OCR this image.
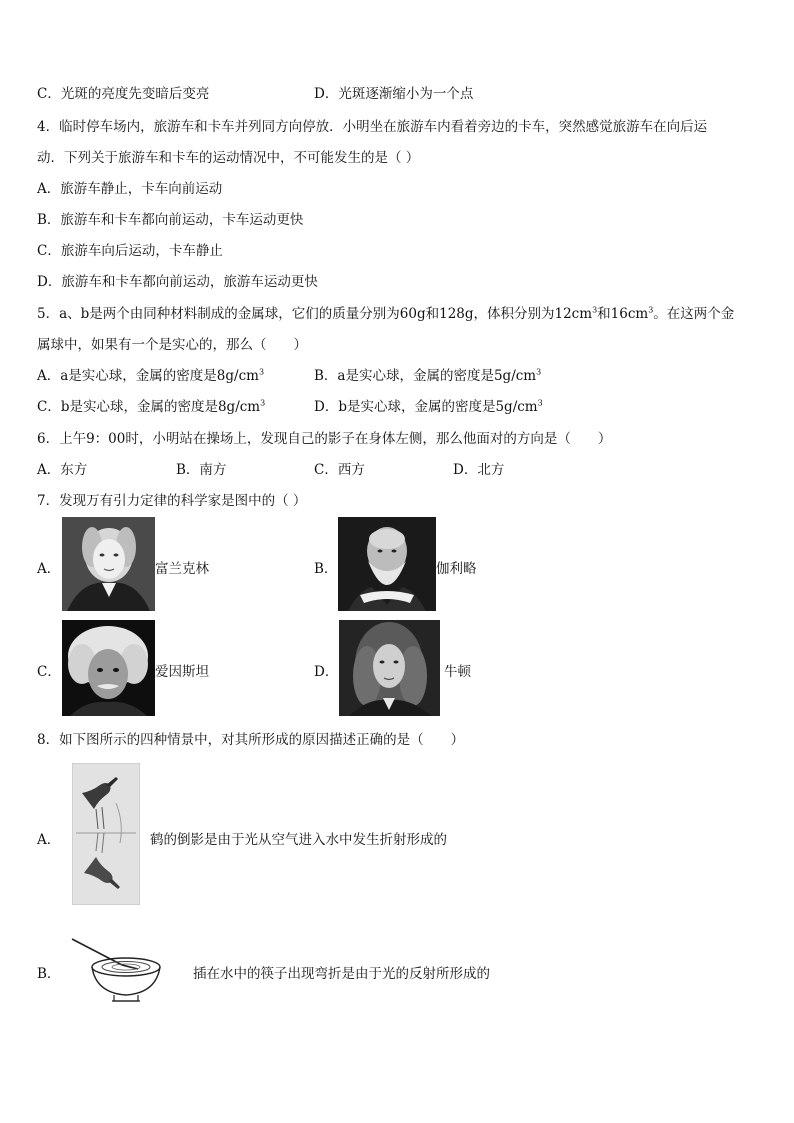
C．光斑的亮度先变暗后变亮	D．光斑逐渐缩小为一个点
4．临时停车场内，旅游车和卡车并列同方向停放．小明坐在旅游车内看着旁边的卡车，突然感觉旅游车在向后运
动．下列关于旅游车和卡车的运动情况中，不可能发生的是（ ）
A．旅游车静止，卡车向前运动
B．旅游车和卡车都向前运动，卡车运动更快
C．旅游车向后运动，卡车静止
D．旅游车和卡车都向前运动，旅游车运动更快
5．a、b是两个由同种材料制成的金属球，它们的质量分别为60g和128g，体积分别为$12cm^3$和$16cm^3$。在这两个金
属球中，如果有一个是实心的，那么（　　）
A．a是实心球，金属的密度是$8g/cm^3$	B．a是实心球，金属的密度是$5g/cm^3$
C．b是实心球，金属的密度是$8g/cm^3$	D．b是实心球，金属的密度是$5g/cm^3$
6．上午9：00时，小明站在操场上，发现自己的影子在身体左侧，那么他面对的方向是（　　）
A．东方	B．南方	C．西方	D．北方
7．发现万有引力定律的科学家是图中的（ ）
A．	富兰克林	B．	伽利略
C．	爱因斯坦	D．	牛顿
8．如下图所示的四种情景中，对其所形成的原因描述正确的是（　　）
A．	鹤的倒影是由于光从空气进入水中发生折射形成的
B．	插在水中的筷子出现弯折是由于光的反射所形成的
